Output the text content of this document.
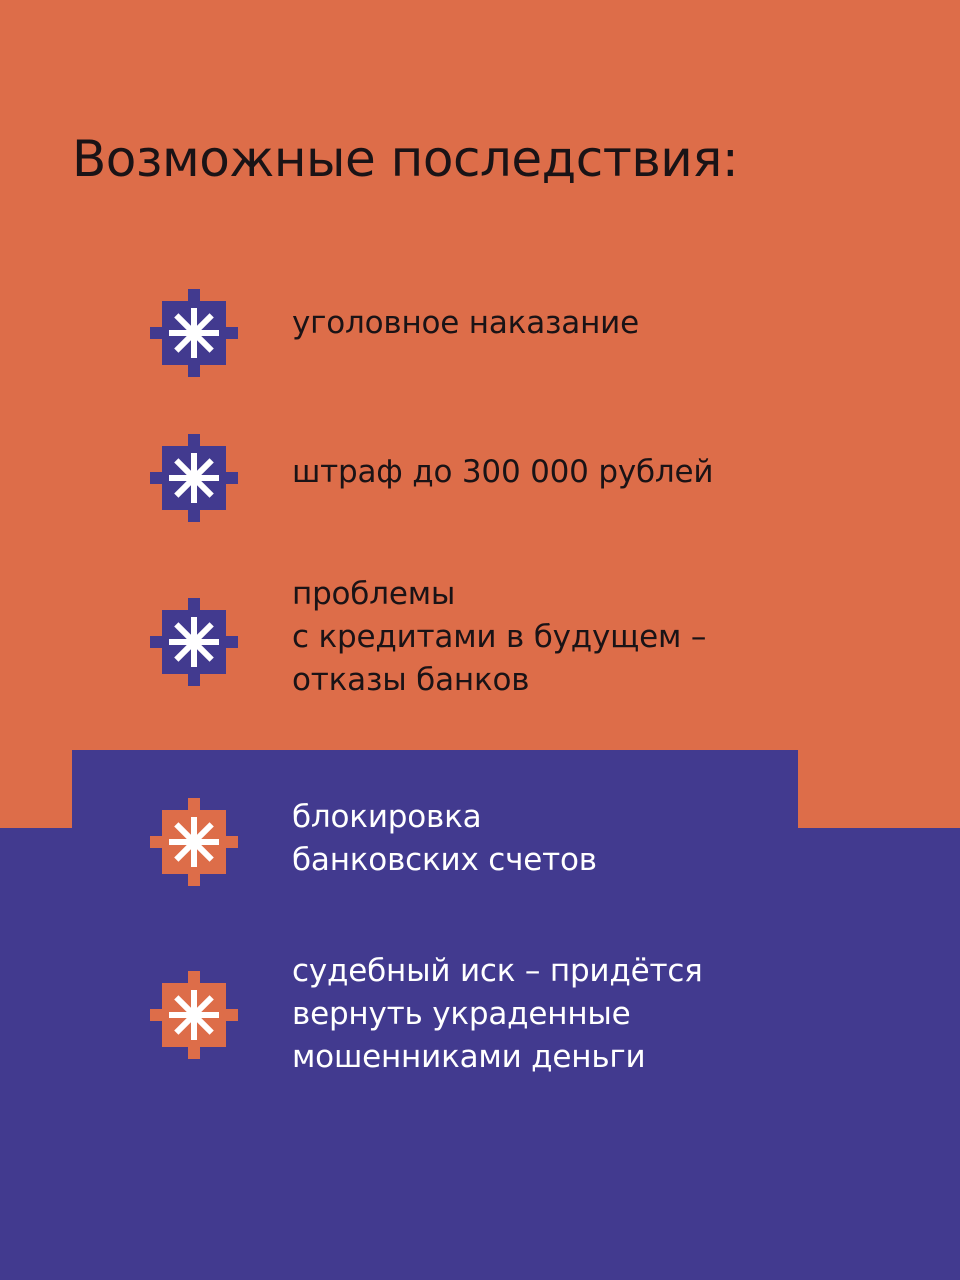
Возможные последствия:

уголовное наказание

штраф до 300 000 рублей

проблемы
с кредитами в будущем –
отказы банков

блокировка
банковских счетов

судебный иск – придётся
вернуть украденные
мошенниками деньги
